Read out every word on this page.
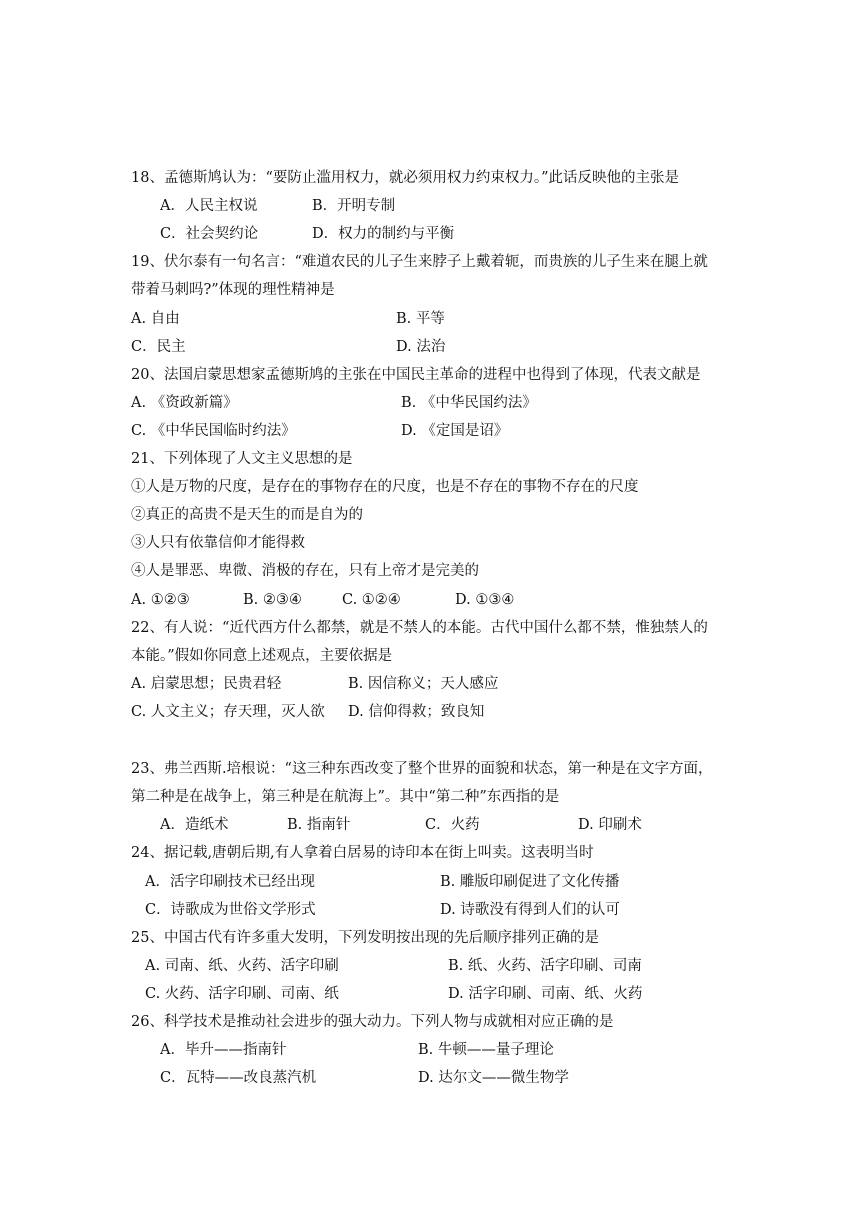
18、孟德斯鸠认为：“要防止滥用权力，就必须用权力约束权力。”此话反映他的主张是
A．人民主权说	B．开明专制
C．社会契约论	D．权力的制约与平衡
19、伏尔泰有一句名言：“难道农民的儿子生来脖子上戴着轭，而贵族的儿子生来在腿上就
带着马刺吗?”体现的理性精神是
A. 自由	B. 平等
C．民主	D. 法治
20、法国启蒙思想家孟德斯鸠的主张在中国民主革命的进程中也得到了体现，代表文献是
A. 《资政新篇》	B. 《中华民国约法》
C. 《中华民国临时约法》	D. 《定国是诏》
21、下列体现了人文主义思想的是
①人是万物的尺度，是存在的事物存在的尺度，也是不存在的事物不存在的尺度
②真正的高贵不是天生的而是自为的
③人只有依靠信仰才能得救
④人是罪恶、卑微、消极的存在，只有上帝才是完美的
A. ①②③	B. ②③④	C. ①②④	D. ①③④
22、有人说：“近代西方什么都禁，就是不禁人的本能。古代中国什么都不禁，惟独禁人的
本能。”假如你同意上述观点，主要依据是
A. 启蒙思想；民贵君轻	B. 因信称义；天人感应
C. 人文主义；存天理，灭人欲 D. 信仰得救；致良知
23、弗兰西斯.培根说：“这三种东西改变了整个世界的面貌和状态，第一种是在文字方面，
第二种是在战争上，第三种是在航海上”。其中“第二种”东西指的是
A．造纸术	B. 指南针	C．火药	D. 印刷术
24、据记载,唐朝后期,有人拿着白居易的诗印本在街上叫卖。这表明当时
A．活字印刷技术已经出现	B. 雕版印刷促进了文化传播
C．诗歌成为世俗文学形式	D. 诗歌没有得到人们的认可
25、中国古代有许多重大发明，下列发明按出现的先后顺序排列正确的是
A. 司南、纸、火药、活字印刷	B. 纸、火药、活字印刷、司南
C. 火药、活字印刷、司南、纸	D. 活字印刷、司南、纸、火药
26、科学技术是推动社会进步的强大动力。下列人物与成就相对应正确的是
A．毕升——指南针	B. 牛顿——量子理论
C．瓦特——改良蒸汽机	D. 达尔文——微生物学
